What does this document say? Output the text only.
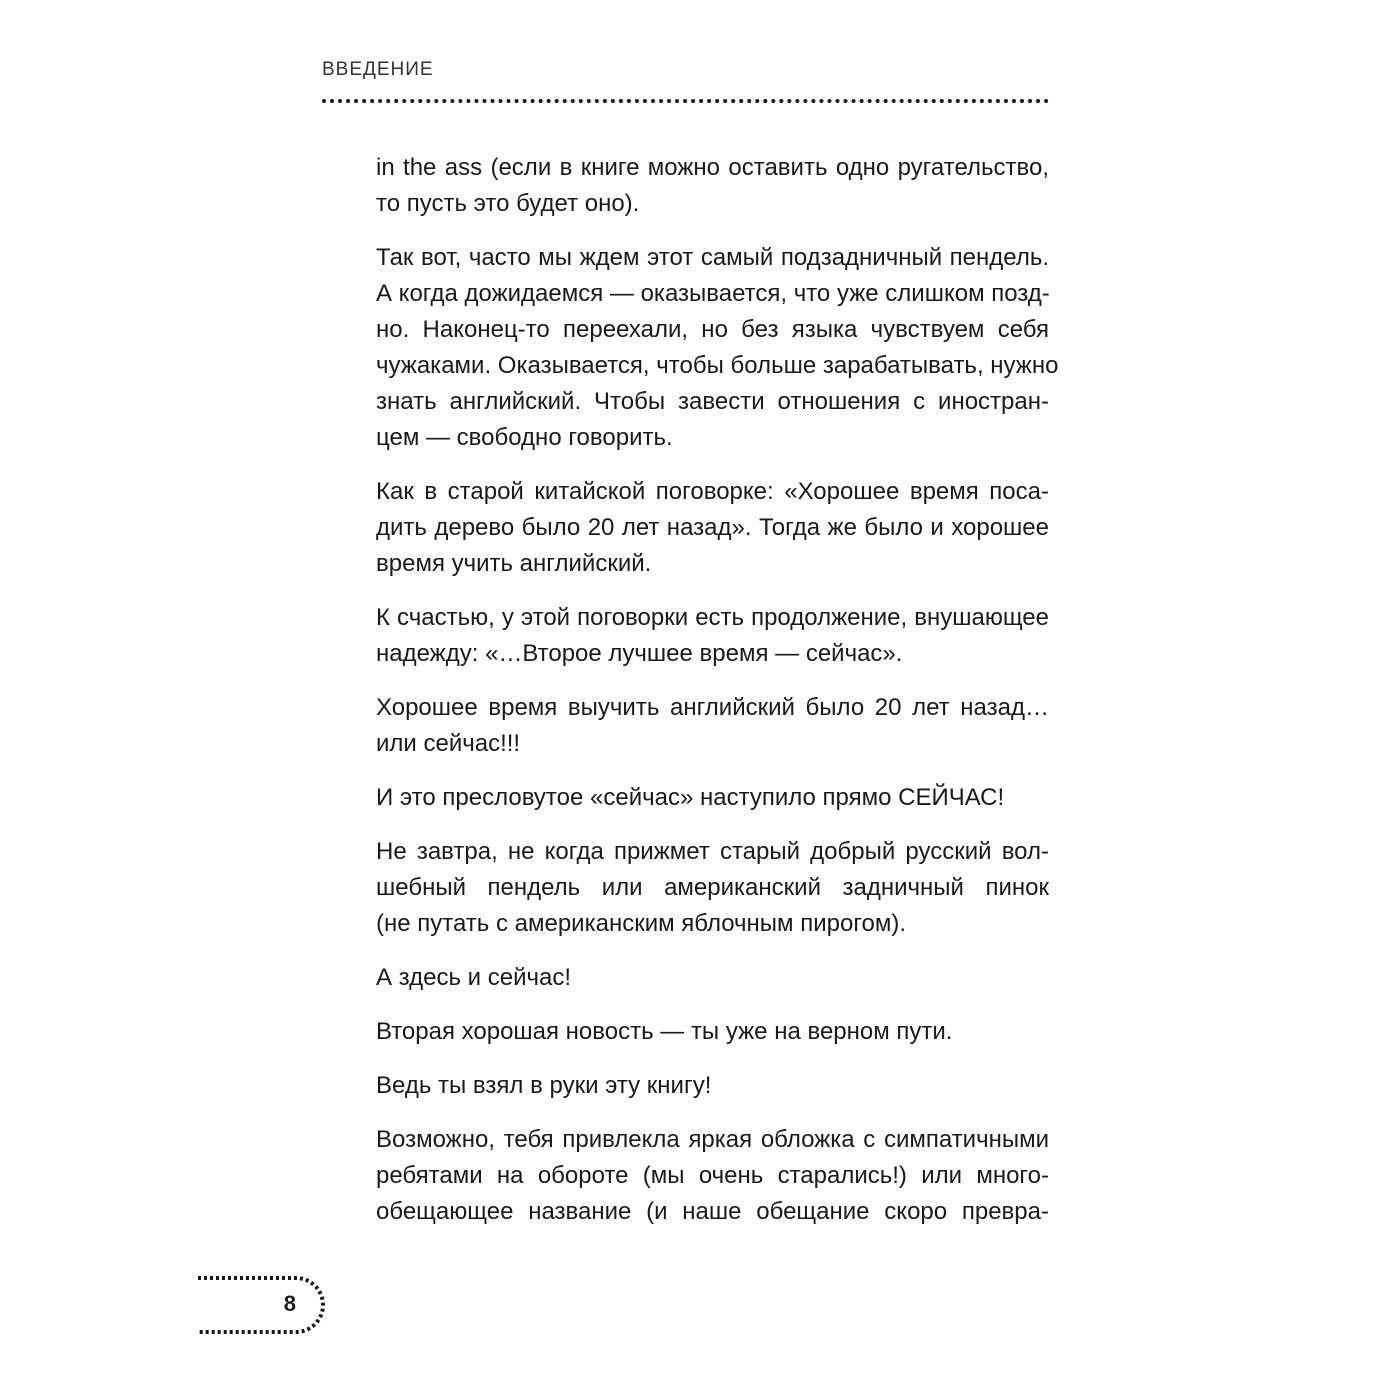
ВВЕДЕНИЕ
in the ass (если в книге можно оставить одно ругательство,
то пусть это будет оно).
Так вот, часто мы ждем этот самый подзадничный пендель.
А когда дожидаемся — оказывается, что уже слишком позд-
но. Наконец-то переехали, но без языка чувствуем себя
чужаками. Оказывается, чтобы больше зарабатывать, нужно
знать английский. Чтобы завести отношения с иностран-
цем — свободно говорить.
Как в старой китайской поговорке: «Хорошее время поса-
дить дерево было 20 лет назад». Тогда же было и хорошее
время учить английский.
К счастью, у этой поговорки есть продолжение, внушающее
надежду: «…Второе лучшее время — сейчас».
Хорошее время выучить английский было 20 лет назад…
или сейчас!!!
И это пресловутое «сейчас» наступило прямо СЕЙЧАС!
Не завтра, не когда прижмет старый добрый русский вол-
шебный пендель или американский задничный пинок
(не путать с американским яблочным пирогом).
А здесь и сейчас!
Вторая хорошая новость — ты уже на верном пути.
Ведь ты взял в руки эту книгу!
Возможно, тебя привлекла яркая обложка с симпатичными
ребятами на обороте (мы очень старались!) или много-
обещающее название (и наше обещание скоро превра-
8
